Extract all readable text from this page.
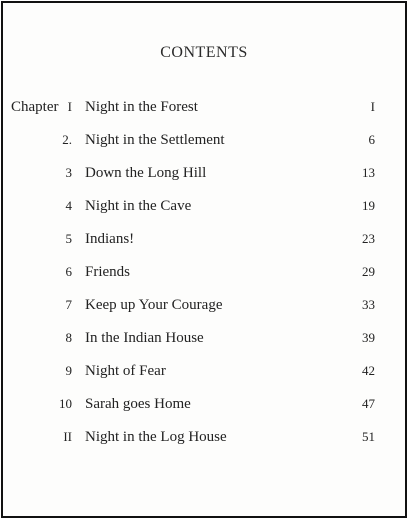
CONTENTS
Chapter I Night in the Forest	I
2. Night in the Settlement	6
3 Down the Long Hill	13
4 Night in the Cave	19
5 Indians!	23
6 Friends	29
7 Keep up Your Courage	33
8 In the Indian House	39
9 Night of Fear	42
10 Sarah goes Home	47
II Night in the Log House	51
